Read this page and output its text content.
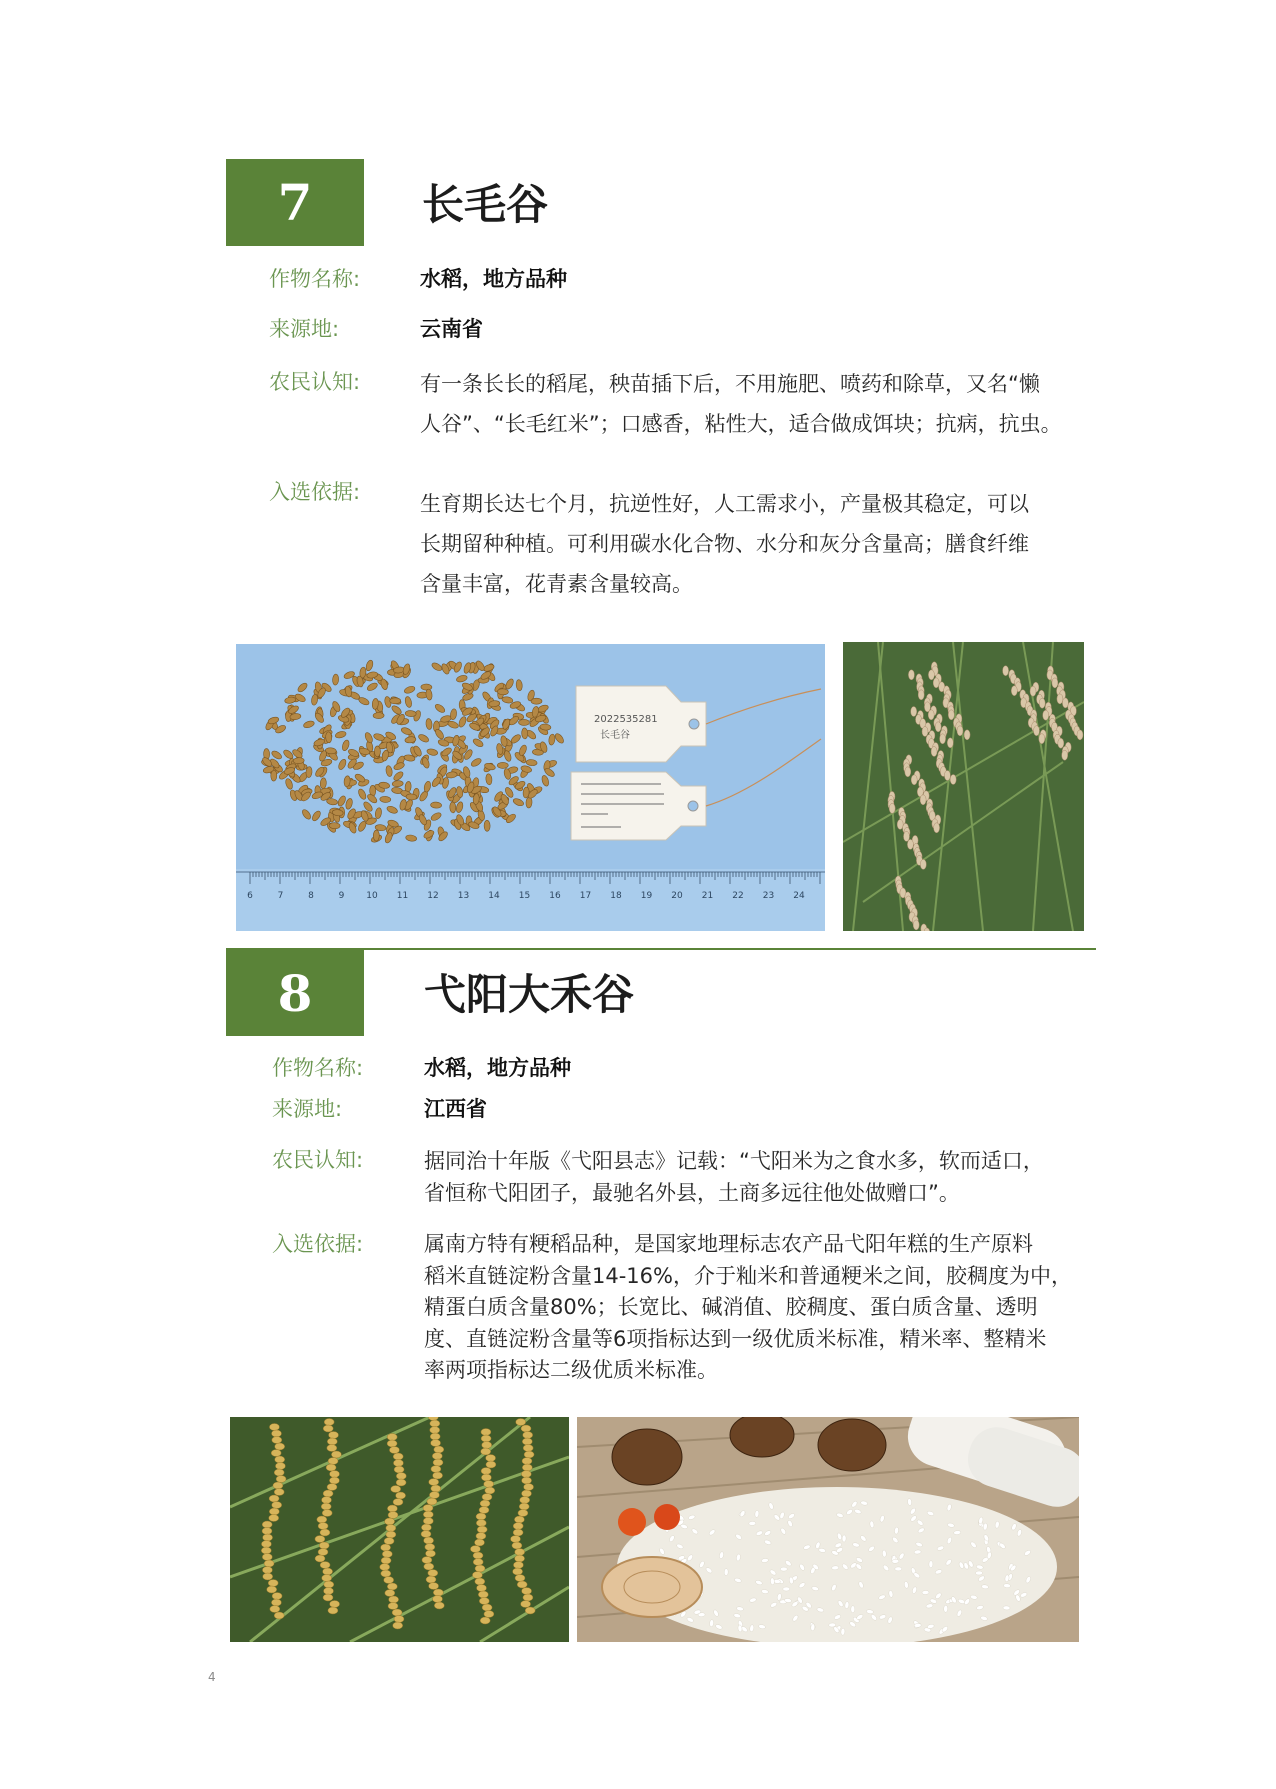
7	长毛谷
作物名称:	水稻，地方品种
来源地:	云南省
农民认知:	有一条长长的稻尾，秧苗插下后，不用施肥、喷药和除草，又名“懒
人谷”、“长毛红米”；口感香，粘性大，适合做成饵块；抗病，抗虫。
入选依据:	生育期长达七个月，抗逆性好，人工需求小，产量极其稳定，可以
长期留种种植。可利用碳水化合物、水分和灰分含量高；膳食纤维
含量丰富，花青素含量较高。
2022535281
长毛谷
6	7	8	9 10 11 12 13 14 15 16 17 18 19 20 21 22 23 24
8	弋阳大禾谷
作物名称:	水稻，地方品种
来源地:	江西省
农民认知:	据同治十年版《弋阳县志》记载：“弋阳米为之食水多，软而适口，
省恒称弋阳团子，最驰名外县，土商多远往他处做赠口”。
入选依据:	属南方特有粳稻品种，是国家地理标志农产品弋阳年糕的生产原料
稻米直链淀粉含量14-16%，介于籼米和普通粳米之间，胶稠度为中，
精蛋白质含量80%；长宽比、碱消值、胶稠度、蛋白质含量、透明
度、直链淀粉含量等6项指标达到一级优质米标准，精米率、整精米
率两项指标达二级优质米标准。
4
